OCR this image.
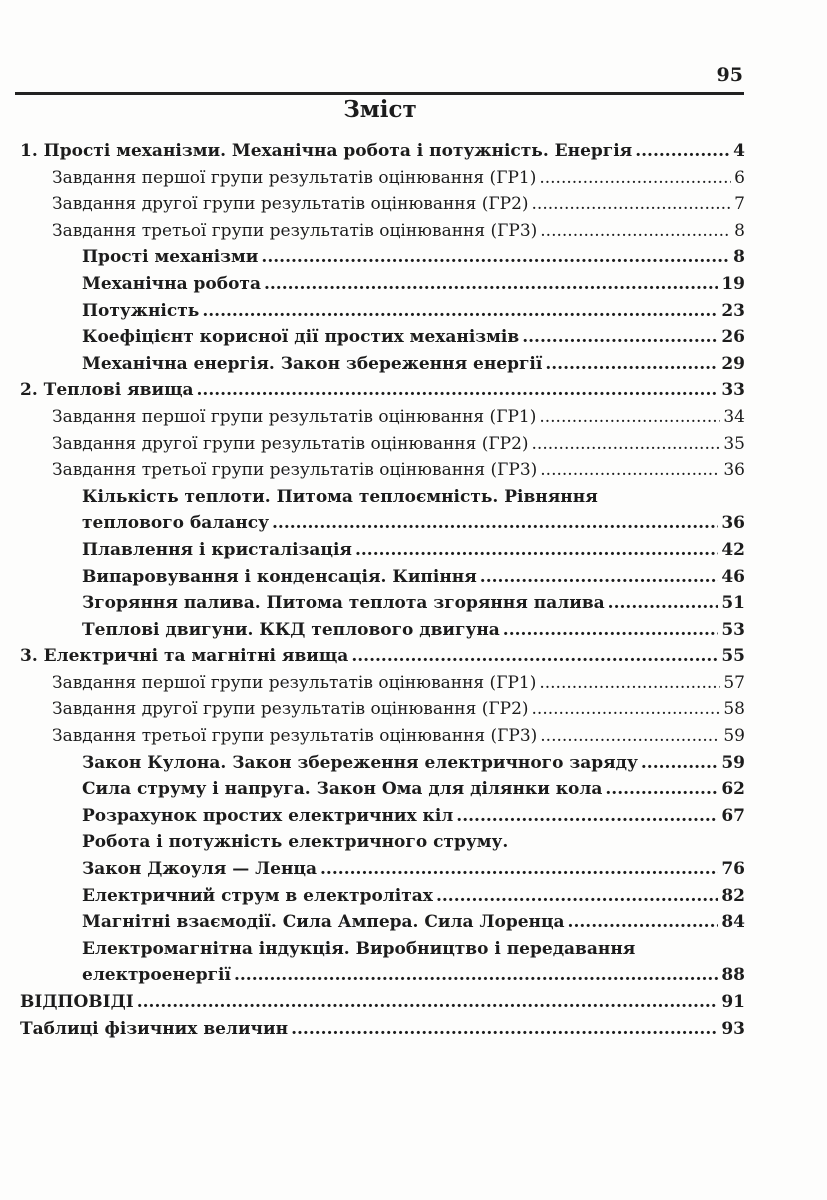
95
Зміст
1. Прості механізми. Механічна робота і потужність. Енергія .....	4
Завдання першої групи результатів оцінювання (ГР1) .....	6
Завдання другої групи результатів оцінювання (ГР2) .....	7
Завдання третьої групи результатів оцінювання (ГР3) .....	8
Прості механізми .....	8
Механічна робота .....	19
Потужність .....	23
Коефіцієнт корисної дії простих механізмів .....	26
Механічна енергія. Закон збереження енергії .....	29
2. Теплові явища .....	33
Завдання першої групи результатів оцінювання (ГР1) .....	34
Завдання другої групи результатів оцінювання (ГР2) .....	35
Завдання третьої групи результатів оцінювання (ГР3) .....	36
Кількість теплоти. Питома теплоємність. Рівняння
теплового балансу .....	36
Плавлення і кристалізація .....	42
Випаровування і конденсація. Кипіння .....	46
Згоряння палива. Питома теплота згоряння палива .....	51
Теплові двигуни. ККД теплового двигуна .....	53
3. Електричні та магнітні явища .....	55
Завдання першої групи результатів оцінювання (ГР1) .....	57
Завдання другої групи результатів оцінювання (ГР2) .....	58
Завдання третьої групи результатів оцінювання (ГР3) .....	59
Закон Кулона. Закон збереження електричного заряду .....	59
Сила струму і напруга. Закон Ома для ділянки кола .....	62
Розрахунок простих електричних кіл .....	67
Робота і потужність електричного струму.
Закон Джоуля — Ленца .....	76
Електричний струм в електролітах .....	82
Магнітні взаємодії. Сила Ампера. Сила Лоренца .....	84
Електромагнітна індукція. Виробництво і передавання
електроенергії .....	88
ВІДПОВІДІ .....	91
Таблиці фізичних величин .....	93
